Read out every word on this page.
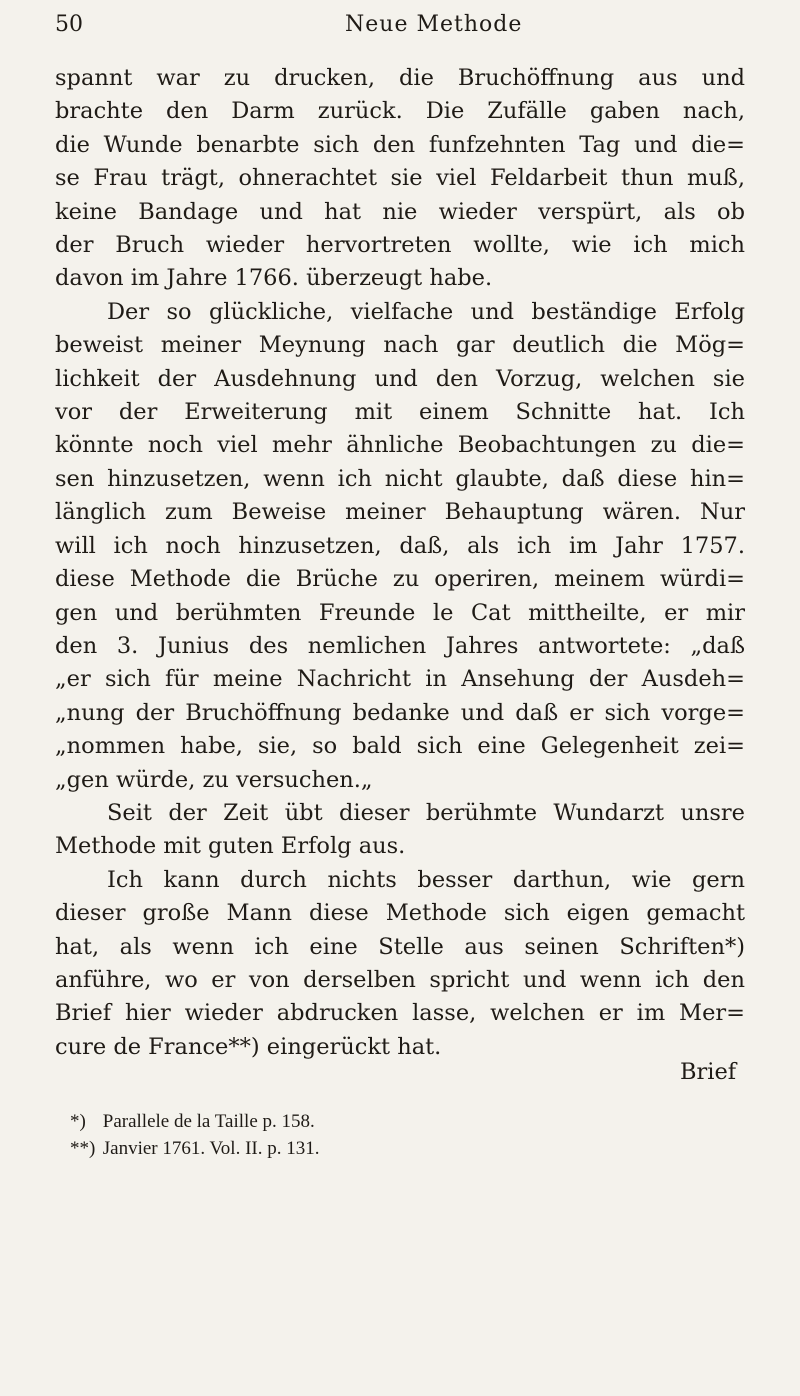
50	Neue Methode
spannt war zu drucken, die Bruchöffnung aus und
brachte den Darm zurück. Die Zufälle gaben nach,
die Wunde benarbte sich den funfzehnten Tag und die=
se Frau trägt, ohnerachtet sie viel Feldarbeit thun muß,
keine Bandage und hat nie wieder verspürt, als ob
der Bruch wieder hervortreten wollte, wie ich mich
davon im Jahre 1766. überzeugt habe.
Der so glückliche, vielfache und beständige Erfolg
beweist meiner Meynung nach gar deutlich die Mög=
lichkeit der Ausdehnung und den Vorzug, welchen sie
vor der Erweiterung mit einem Schnitte hat. Ich
könnte noch viel mehr ähnliche Beobachtungen zu die=
sen hinzusetzen, wenn ich nicht glaubte, daß diese hin=
länglich zum Beweise meiner Behauptung wären. Nur
will ich noch hinzusetzen, daß, als ich im Jahr 1757.
diese Methode die Brüche zu operiren, meinem würdi=
gen und berühmten Freunde le Cat mittheilte, er mir
den 3. Junius des nemlichen Jahres antwortete: „daß
„er sich für meine Nachricht in Ansehung der Ausdeh=
„nung der Bruchöffnung bedanke und daß er sich vorge=
„nommen habe, sie, so bald sich eine Gelegenheit zei=
„gen würde, zu versuchen.„
Seit der Zeit übt dieser berühmte Wundarzt unsre
Methode mit guten Erfolg aus.
Ich kann durch nichts besser darthun, wie gern
dieser große Mann diese Methode sich eigen gemacht
hat, als wenn ich eine Stelle aus seinen Schriften*)
anführe, wo er von derselben spricht und wenn ich den
Brief hier wieder abdrucken lasse, welchen er im Mer=
cure de France**) eingerückt hat.
Brief
*) Parallele de la Taille p. 158.
**) Janvier 1761. Vol. II. p. 131.
